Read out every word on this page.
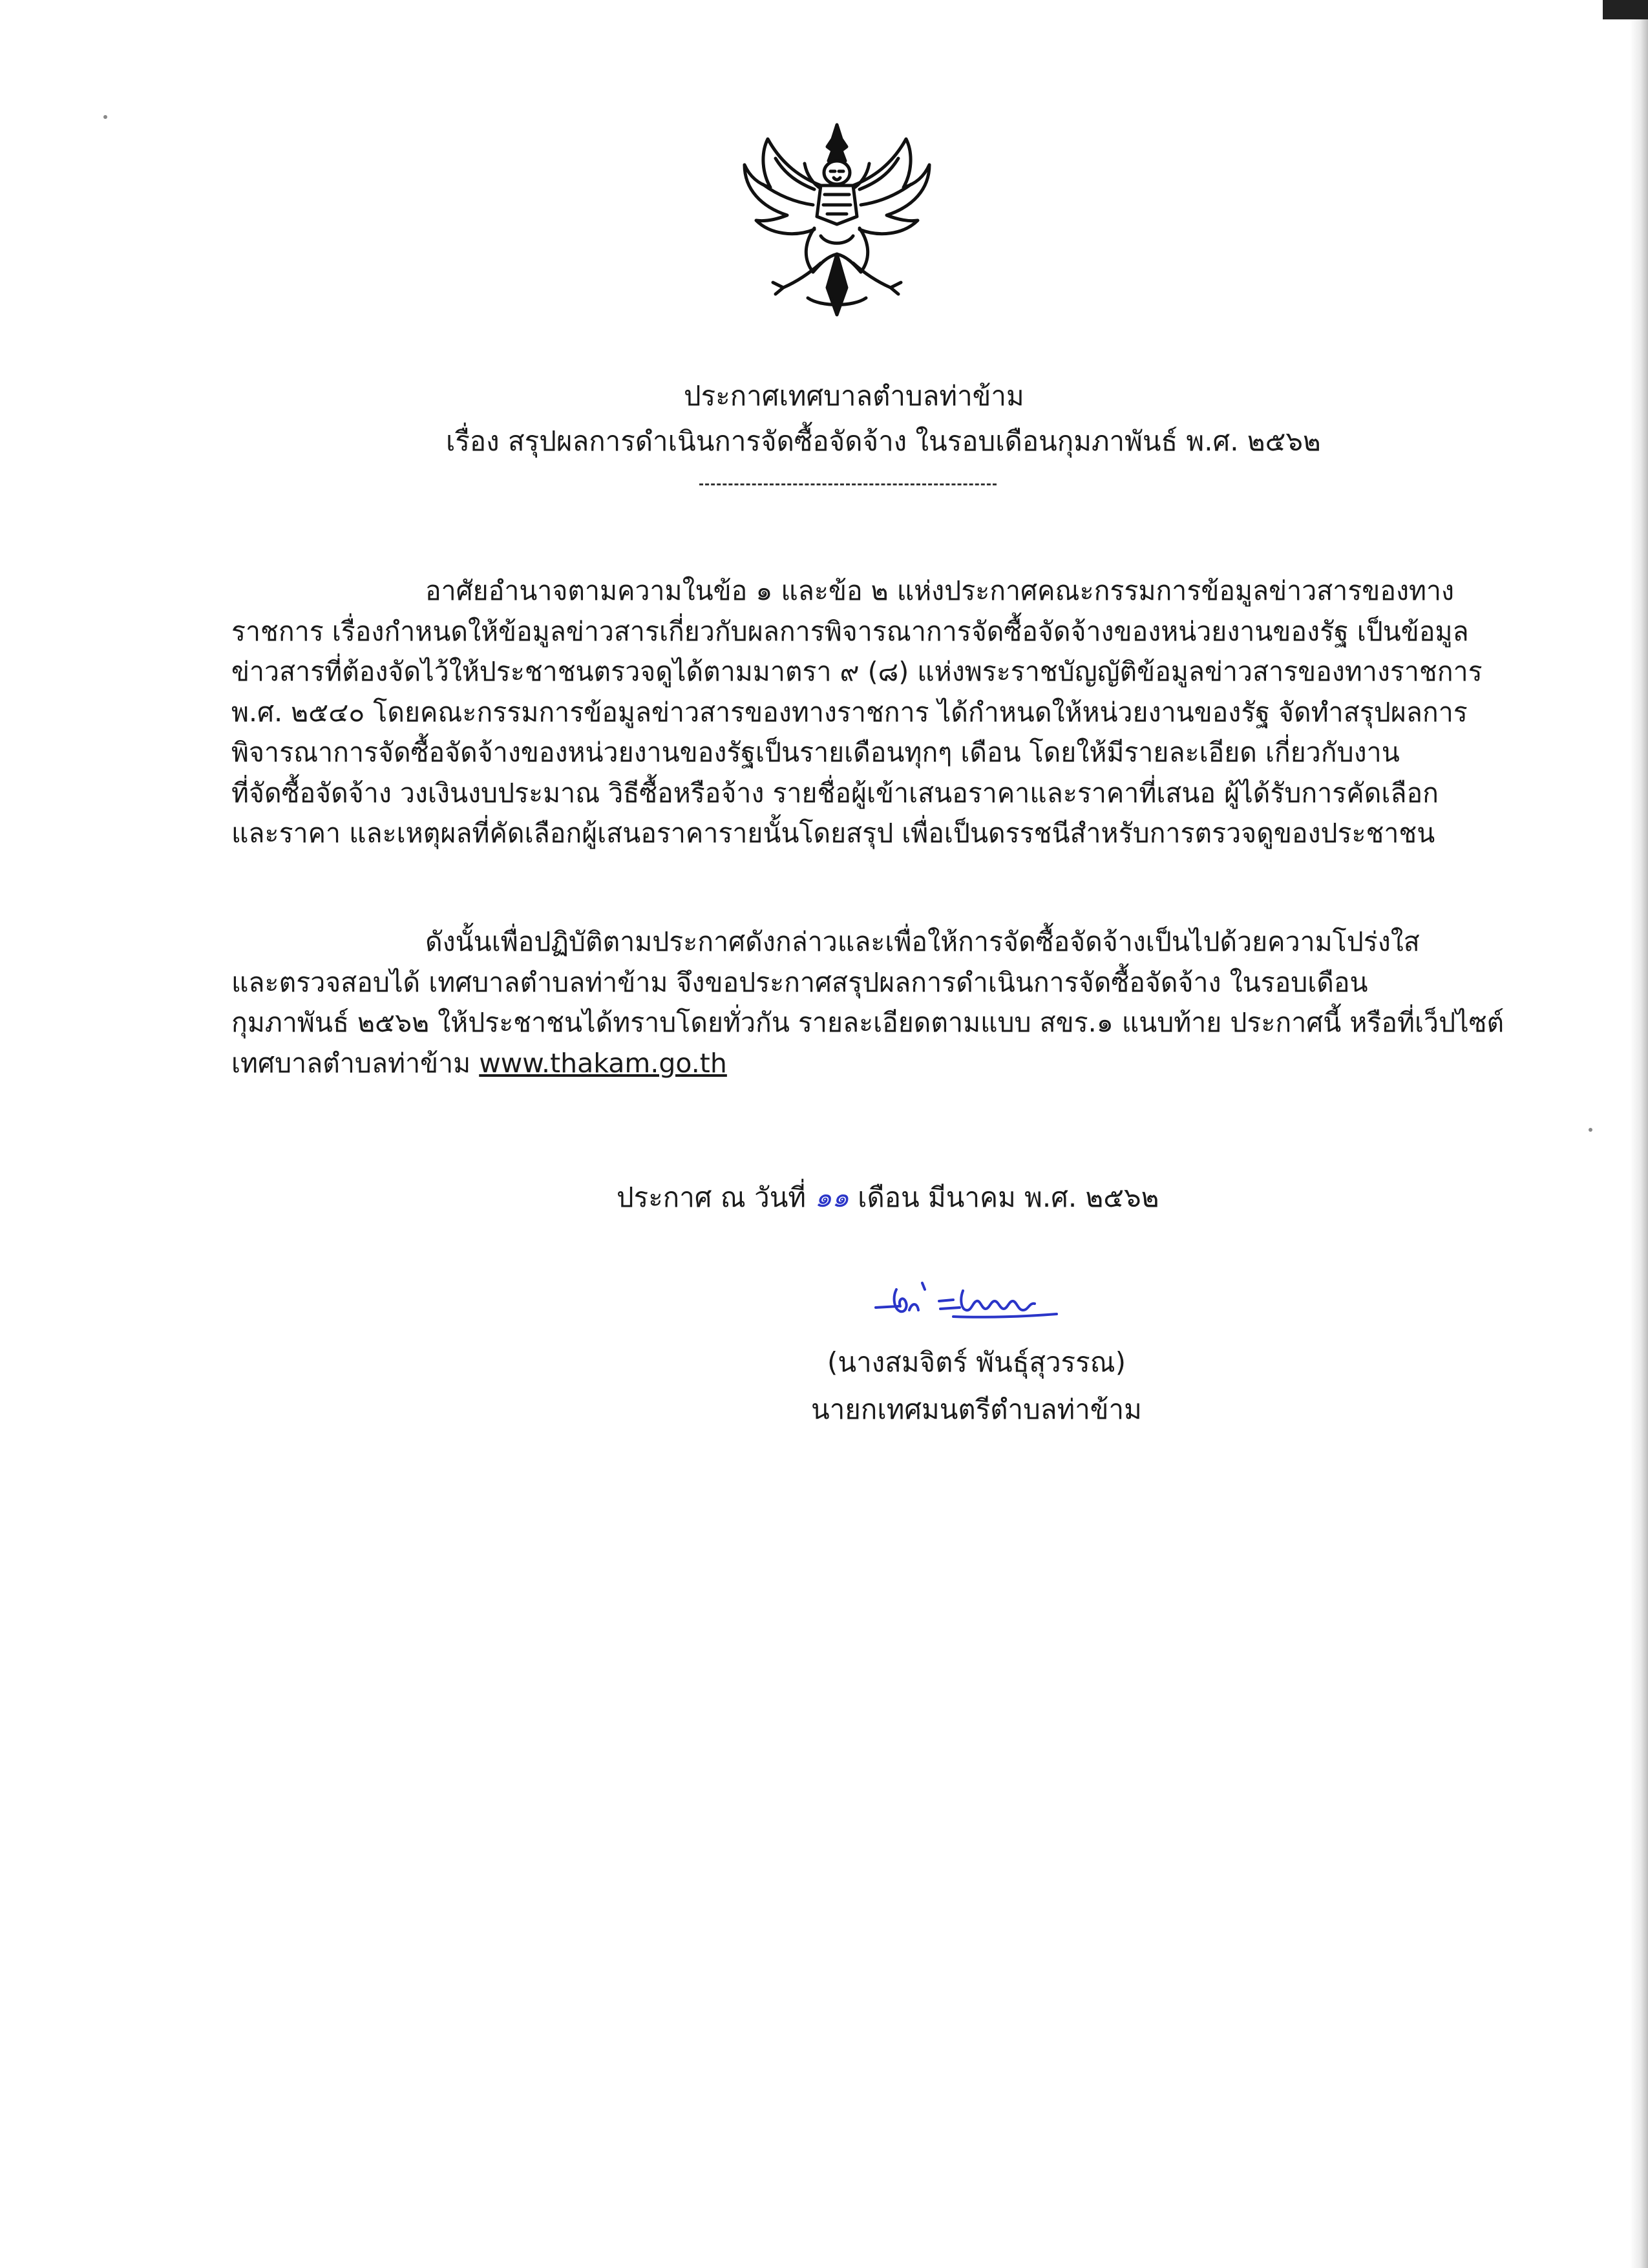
ประกาศเทศบาลตำบลท่าข้าม
เรื่อง สรุปผลการดำเนินการจัดซื้อจัดจ้าง ในรอบเดือนกุมภาพันธ์ พ.ศ. ๒๕๖๒
อาศัยอำนาจตามความในข้อ ๑ และข้อ ๒ แห่งประกาศคณะกรรมการข้อมูลข่าวสารของทาง
ราชการ เรื่องกำหนดให้ข้อมูลข่าวสารเกี่ยวกับผลการพิจารณาการจัดซื้อจัดจ้างของหน่วยงานของรัฐ เป็นข้อมูล
ข่าวสารที่ต้องจัดไว้ให้ประชาชนตรวจดูได้ตามมาตรา ๙ (๘) แห่งพระราชบัญญัติข้อมูลข่าวสารของทางราชการ
พ.ศ. ๒๕๔๐ โดยคณะกรรมการข้อมูลข่าวสารของทางราชการ ได้กำหนดให้หน่วยงานของรัฐ จัดทำสรุปผลการ
พิจารณาการจัดซื้อจัดจ้างของหน่วยงานของรัฐเป็นรายเดือนทุกๆ เดือน โดยให้มีรายละเอียด เกี่ยวกับงาน
ที่จัดซื้อจัดจ้าง วงเงินงบประมาณ วิธีซื้อหรือจ้าง รายชื่อผู้เข้าเสนอราคาและราคาที่เสนอ ผู้ได้รับการคัดเลือก
และราคา และเหตุผลที่คัดเลือกผู้เสนอราคารายนั้นโดยสรุป เพื่อเป็นดรรชนีสำหรับการตรวจดูของประชาชน
ดังนั้นเพื่อปฏิบัติตามประกาศดังกล่าวและเพื่อให้การจัดซื้อจัดจ้างเป็นไปด้วยความโปร่งใส
และตรวจสอบได้ เทศบาลตำบลท่าข้าม จึงขอประกาศสรุปผลการดำเนินการจัดซื้อจัดจ้าง ในรอบเดือน
กุมภาพันธ์ ๒๕๖๒ ให้ประชาชนได้ทราบโดยทั่วกัน รายละเอียดตามแบบ สขร.๑ แนบท้าย ประกาศนี้ หรือที่เว็ปไซต์
เทศบาลตำบลท่าข้าม www.thakam.go.th
ประกาศ ณ วันที่ ๑๑ เดือน มีนาคม พ.ศ. ๒๕๖๒
(นางสมจิตร์ พันธุ์สุวรรณ)
นายกเทศมนตรีตำบลท่าข้าม
